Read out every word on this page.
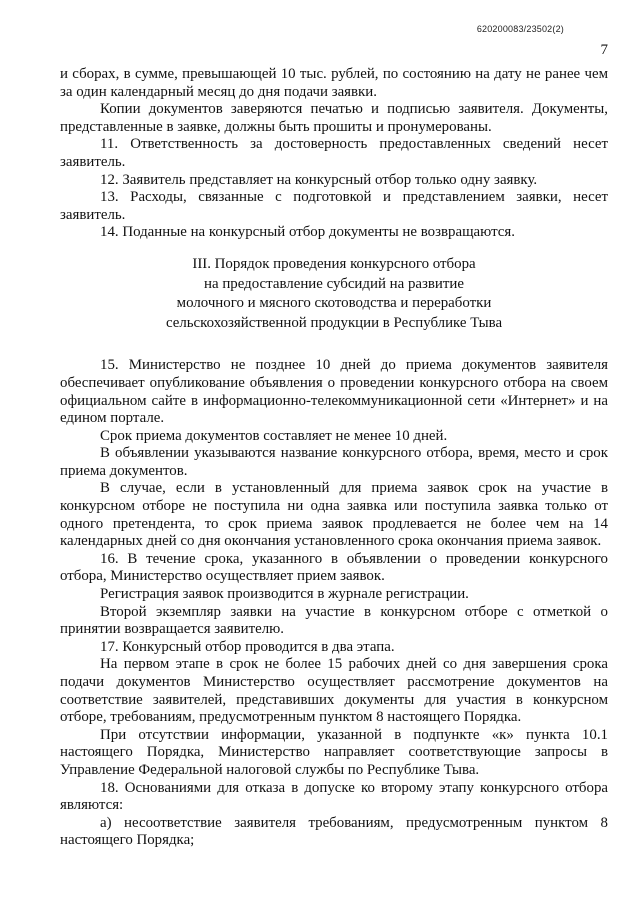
620200083/23502(2)
7

и сборах, в сумме, превышающей 10 тыс. рублей, по состоянию на дату не ранее чем за один календарный месяц до дня подачи заявки.

Копии документов заверяются печатью и подписью заявителя. Документы, представленные в заявке, должны быть прошиты и пронумерованы.

11. Ответственность за достоверность предоставленных сведений несет заявитель.

12. Заявитель представляет на конкурсный отбор только одну заявку.

13. Расходы, связанные с подготовкой и представлением заявки, несет заявитель.

14. Поданные на конкурсный отбор документы не возвращаются.

III. Порядок проведения конкурсного отбора
на предоставление субсидий на развитие
молочного и мясного скотоводства и переработки
сельскохозяйственной продукции в Республике Тыва

15. Министерство не позднее 10 дней до приема документов заявителя обеспечивает опубликование объявления о проведении конкурсного отбора на своем официальном сайте в информационно-телекоммуникационной сети «Интернет» и на едином портале.

Срок приема документов составляет не менее 10 дней.

В объявлении указываются название конкурсного отбора, время, место и срок приема документов.

В случае, если в установленный для приема заявок срок на участие в конкурсном отборе не поступила ни одна заявка или поступила заявка только от одного претендента, то срок приема заявок продлевается не более чем на 14 календарных дней со дня окончания установленного срока окончания приема заявок.

16. В течение срока, указанного в объявлении о проведении конкурсного отбора, Министерство осуществляет прием заявок.

Регистрация заявок производится в журнале регистрации.

Второй экземпляр заявки на участие в конкурсном отборе с отметкой о принятии возвращается заявителю.

17. Конкурсный отбор проводится в два этапа.

На первом этапе в срок не более 15 рабочих дней со дня завершения срока подачи документов Министерство осуществляет рассмотрение документов на соответствие заявителей, представивших документы для участия в конкурсном отборе, требованиям, предусмотренным пунктом 8 настоящего Порядка.

При отсутствии информации, указанной в подпункте «к» пункта 10.1 настоящего Порядка, Министерство направляет соответствующие запросы в Управление Федеральной налоговой службы по Республике Тыва.

18. Основаниями для отказа в допуске ко второму этапу конкурсного отбора являются:

а) несоответствие заявителя требованиям, предусмотренным пунктом 8 настоящего Порядка;
